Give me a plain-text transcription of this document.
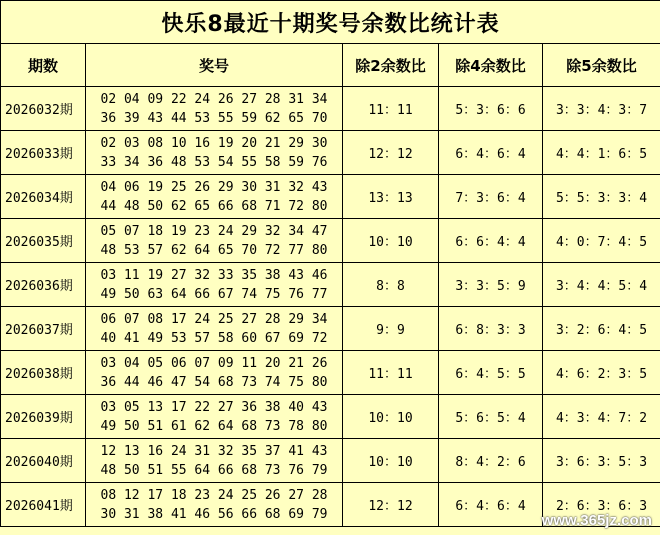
快乐8最近十期奖号余数比统计表				
期数	奖号	除2余数比	除4余数比	除5余数比
2026032期	02 04 09 22 24 26 27 28 31 34
36 39 43 44 53 55 59 62 65 70	11：11	5：3：6：6	3：3：4：3：7
2026033期	02 03 08 10 16 19 20 21 29 30
33 34 36 48 53 54 55 58 59 76	12：12	6：4：6：4	4：4：1：6：5
2026034期	04 06 19 25 26 29 30 31 32 43
44 48 50 62 65 66 68 71 72 80	13：13	7：3：6：4	5：5：3：3：4
2026035期	05 07 18 19 23 24 29 32 34 47
48 53 57 62 64 65 70 72 77 80	10：10	6：6：4：4	4：0：7：4：5
2026036期	03 11 19 27 32 33 35 38 43 46
49 50 63 64 66 67 74 75 76 77	8：8	3：3：5：9	3：4：4：5：4
2026037期	06 07 08 17 24 25 27 28 29 34
40 41 49 53 57 58 60 67 69 72	9：9	6：8：3：3	3：2：6：4：5
2026038期	03 04 05 06 07 09 11 20 21 26
36 44 46 47 54 68 73 74 75 80	11：11	6：4：5：5	4：6：2：3：5
2026039期	03 05 13 17 22 27 36 38 40 43
49 50 51 61 62 64 68 73 78 80	10：10	5：6：5：4	4：3：4：7：2
2026040期	12 13 16 24 31 32 35 37 41 43
48 50 51 55 64 66 68 73 76 79	10：10	8：4：2：6	3：6：3：5：3
2026041期	08 12 17 18 23 24 25 26 27 28
30 31 38 41 46 56 66 68 69 79	12：12	6：4：6：4	2：6：3：6：3
www.365jz.com
